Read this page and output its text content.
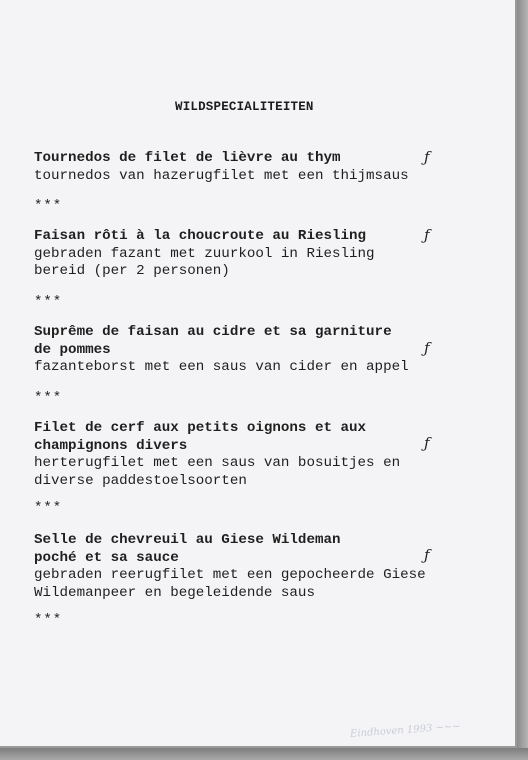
WILDSPECIALITEITEN
Tournedos de filet de lièvre au thym
tournedos van hazerugfilet met een thijmsaus
ƒ
***
Faisan rôti à la choucroute au Riesling
gebraden fazant met zuurkool in Riesling
bereid (per 2 personen)
ƒ
***
Suprême de faisan au cidre et sa garniture
de pommes
fazanteborst met een saus van cider en appel
ƒ
***
Filet de cerf aux petits oignons et aux
champignons divers
herterugfilet met een saus van bosuitjes en
diverse paddestoelsoorten
ƒ
***
Selle de chevreuil au Giese Wildeman
poché et sa sauce
gebraden reerugfilet met een gepocheerde Giese
Wildemanpeer en begeleidende saus
ƒ
***
Eindhoven 1993 ~~~
